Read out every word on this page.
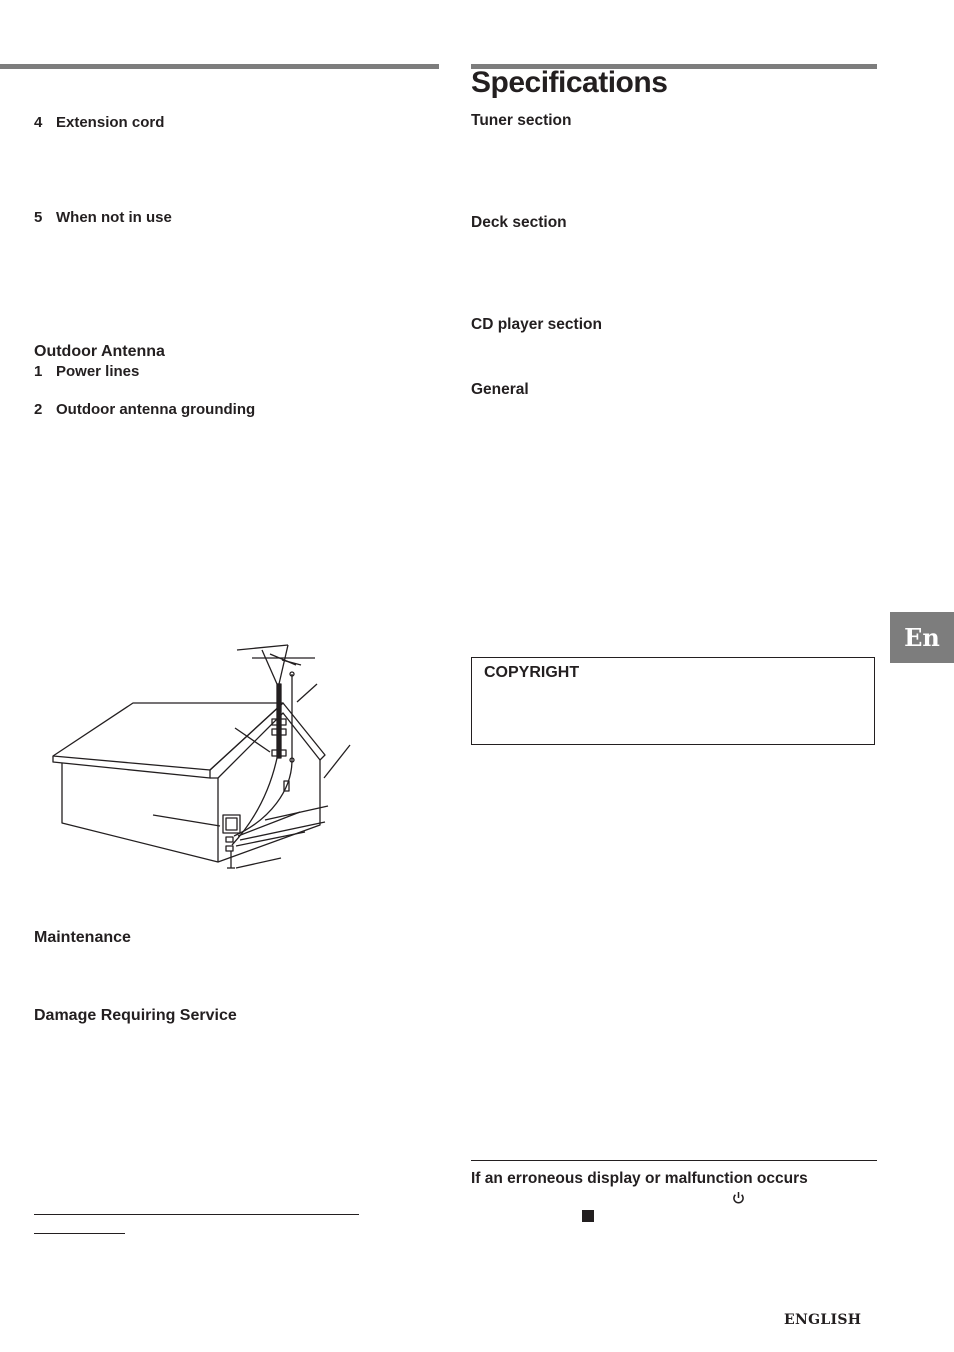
4 Extension cord
5 When not in use
Outdoor Antenna
1 Power lines
2 Outdoor antenna grounding
Maintenance
Damage Requiring Service
Specifications
Tuner section
Deck section
CD player section
General
COPYRIGHT
If an erroneous display or malfunction occurs
En
ENGLISH
